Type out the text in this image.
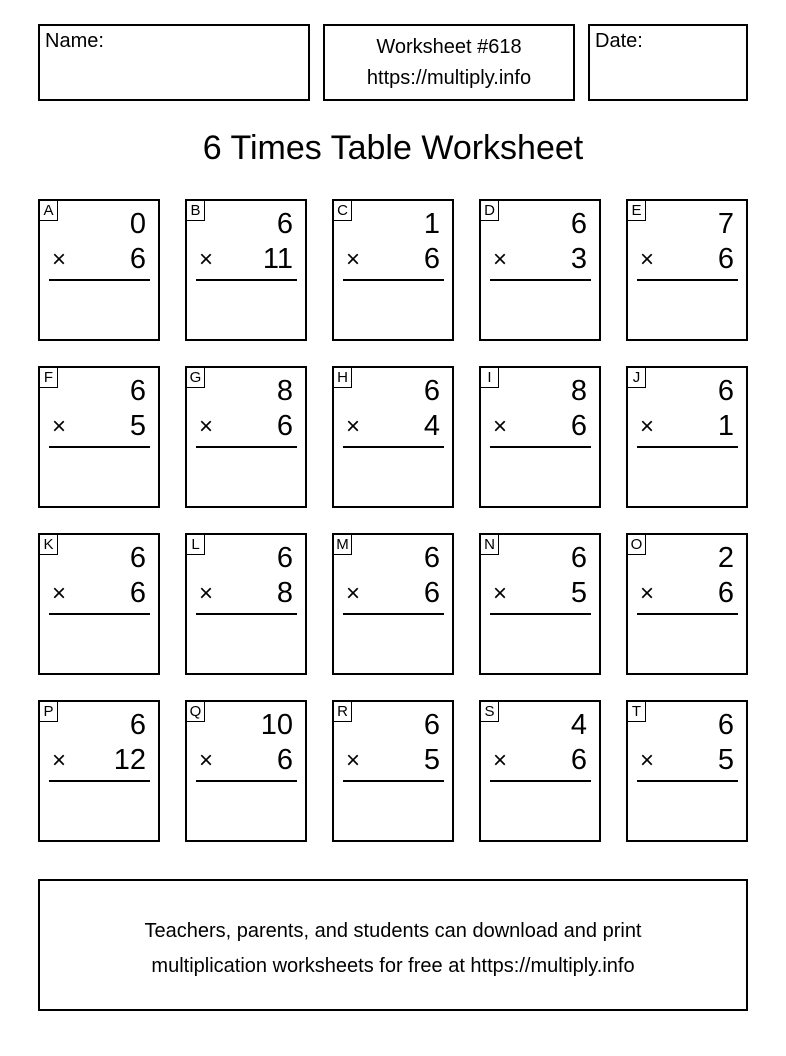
Name:	Worksheet #618
https://multiply.info
Date:
6 Times Table Worksheet
A	0
× 6
B	6
× 11
C	1
× 6
D	6
× 3
E	7
× 6
F	6
× 5
G	8
× 6
H	6
× 4
I	8
× 6
J	6
× 1
K	6
× 6
L	6
× 8
M	6
× 6
N	6
× 5
O	2
× 6
P	6
× 12
Q 10
× 6
R	6
× 5
S	4
× 6
T	6
× 5
Teachers, parents, and students can download and print
multiplication worksheets for free at https://multiply.info
